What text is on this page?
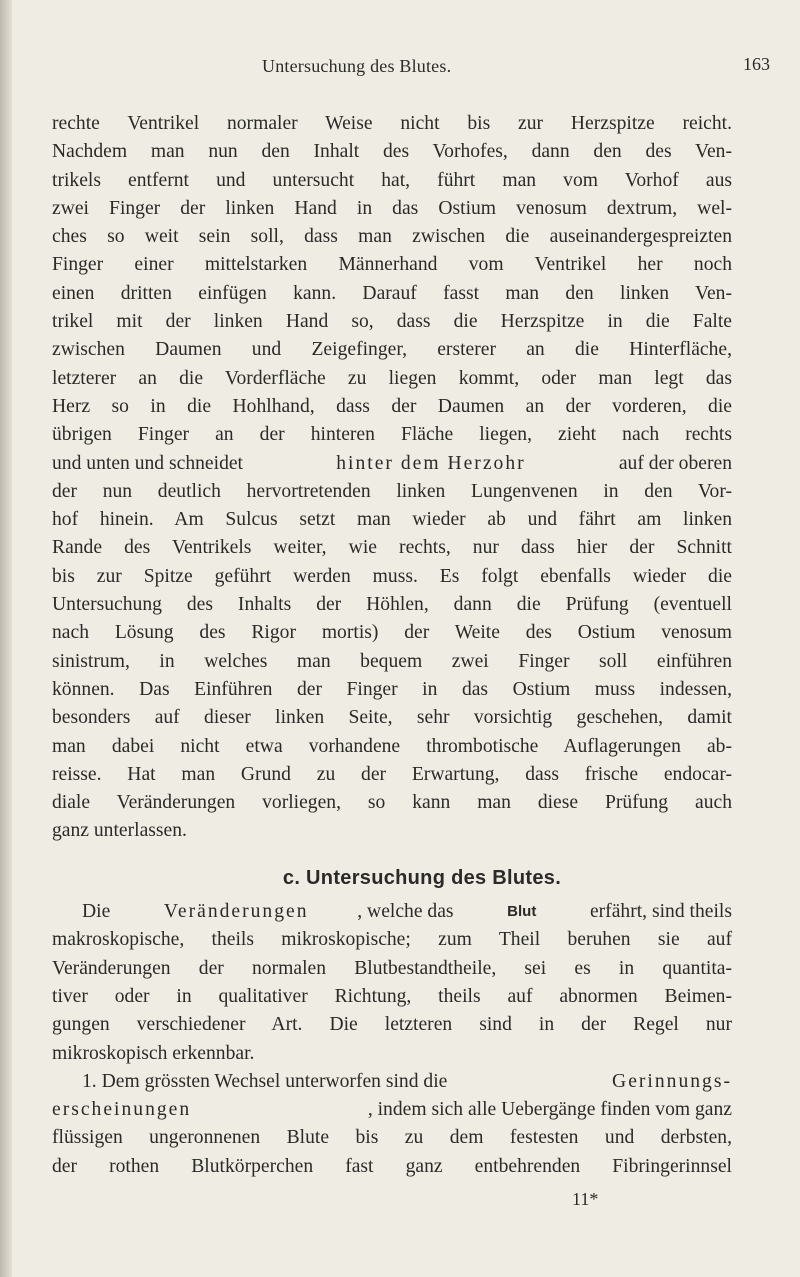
Untersuchung des Blutes.	163
rechte Ventrikel normaler Weise nicht bis zur Herzspitze reicht.
Nachdem man nun den Inhalt des Vorhofes, dann den des Ven-
trikels entfernt und untersucht hat, führt man vom Vorhof aus
zwei Finger der linken Hand in das Ostium venosum dextrum, wel-
ches so weit sein soll, dass man zwischen die auseinandergespreizten
Finger einer mittelstarken Männerhand vom Ventrikel her noch
einen dritten einfügen kann. Darauf fasst man den linken Ven-
trikel mit der linken Hand so, dass die Herzspitze in die Falte
zwischen Daumen und Zeigefinger, ersterer an die Hinterfläche,
letzterer an die Vorderfläche zu liegen kommt, oder man legt das
Herz so in die Hohlhand, dass der Daumen an der vorderen, die
übrigen Finger an der hinteren Fläche liegen, zieht nach rechts
und unten und schneidet	hinter dem Herzohr	auf der oberen
der nun deutlich hervortretenden linken Lungenvenen in den Vor-
hof hinein. Am Sulcus setzt man wieder ab und fährt am linken
Rande des Ventrikels weiter, wie rechts, nur dass hier der Schnitt
bis zur Spitze geführt werden muss. Es folgt ebenfalls wieder die
Untersuchung des Inhalts der Höhlen, dann die Prüfung (eventuell
nach Lösung des Rigor mortis) der Weite des Ostium venosum
sinistrum, in welches man bequem zwei Finger soll einführen
können. Das Einführen der Finger in das Ostium muss indessen,
besonders auf dieser linken Seite, sehr vorsichtig geschehen, damit
man dabei nicht etwa vorhandene thrombotische Auflagerungen ab-
reisse. Hat man Grund zu der Erwartung, dass frische endocar-
diale Veränderungen vorliegen, so kann man diese Prüfung auch
ganz unterlassen.
c. Untersuchung des Blutes.
Die Veränderungen , welche das	Blut erfährt, sind theils
makroskopische, theils mikroskopische; zum Theil beruhen sie auf
Veränderungen der normalen Blutbestandtheile, sei es in quantita-
tiver oder in qualitativer Richtung, theils auf abnormen Beimen-
gungen verschiedener Art. Die letzteren sind in der Regel nur
mikroskopisch erkennbar.
1. Dem grössten Wechsel unterworfen sind die	Gerinnungs-
erscheinungen	, indem sich alle Uebergänge finden vom ganz
flüssigen ungeronnenen Blute bis zu dem festesten und derbsten,
der rothen Blutkörperchen fast ganz entbehrenden Fibringerinnsel
11*
